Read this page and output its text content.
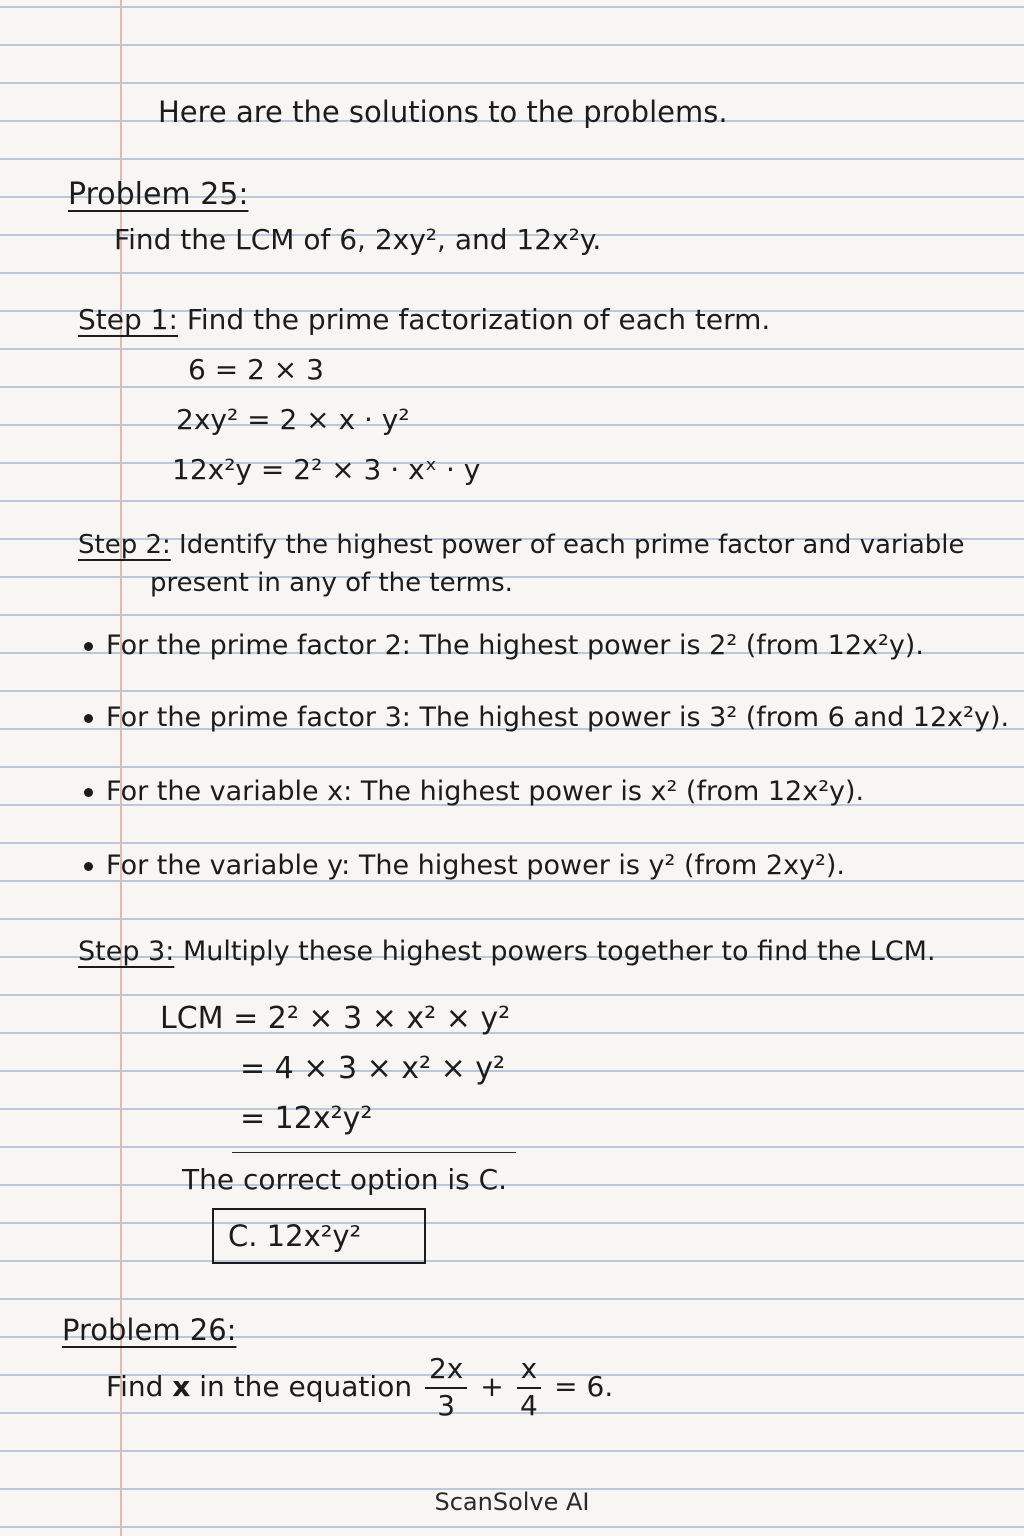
Here are the solutions to the problems.
Problem 25:
Find the LCM of 6, 2xy², and 12x²y.
Step 1: Find the prime factorization of each term.
6 = 2 × 3
2xy² = 2 × x · y²
12x²y = 2² × 3 · xˣ · y
Step 2: Identify the highest power of each prime factor and variable
present in any of the terms.
For the prime factor 2: The highest power is 2² (from 12x²y).
For the prime factor 3: The highest power is 3² (from 6 and 12x²y).
For the variable x: The highest power is x² (from 12x²y).
For the variable y: The highest power is y² (from 2xy²).
Step 3: Multiply these highest powers together to find the LCM.
LCM = 2² × 3 × x² × y²
= 4 × 3 × x² × y²
= 12x²y²
The correct option is C.
C. 12x²y²
Problem 26:
Find x in the equation $\frac{2x}{3} + \frac{x}{4} = 6$.
ScanSolve AI
